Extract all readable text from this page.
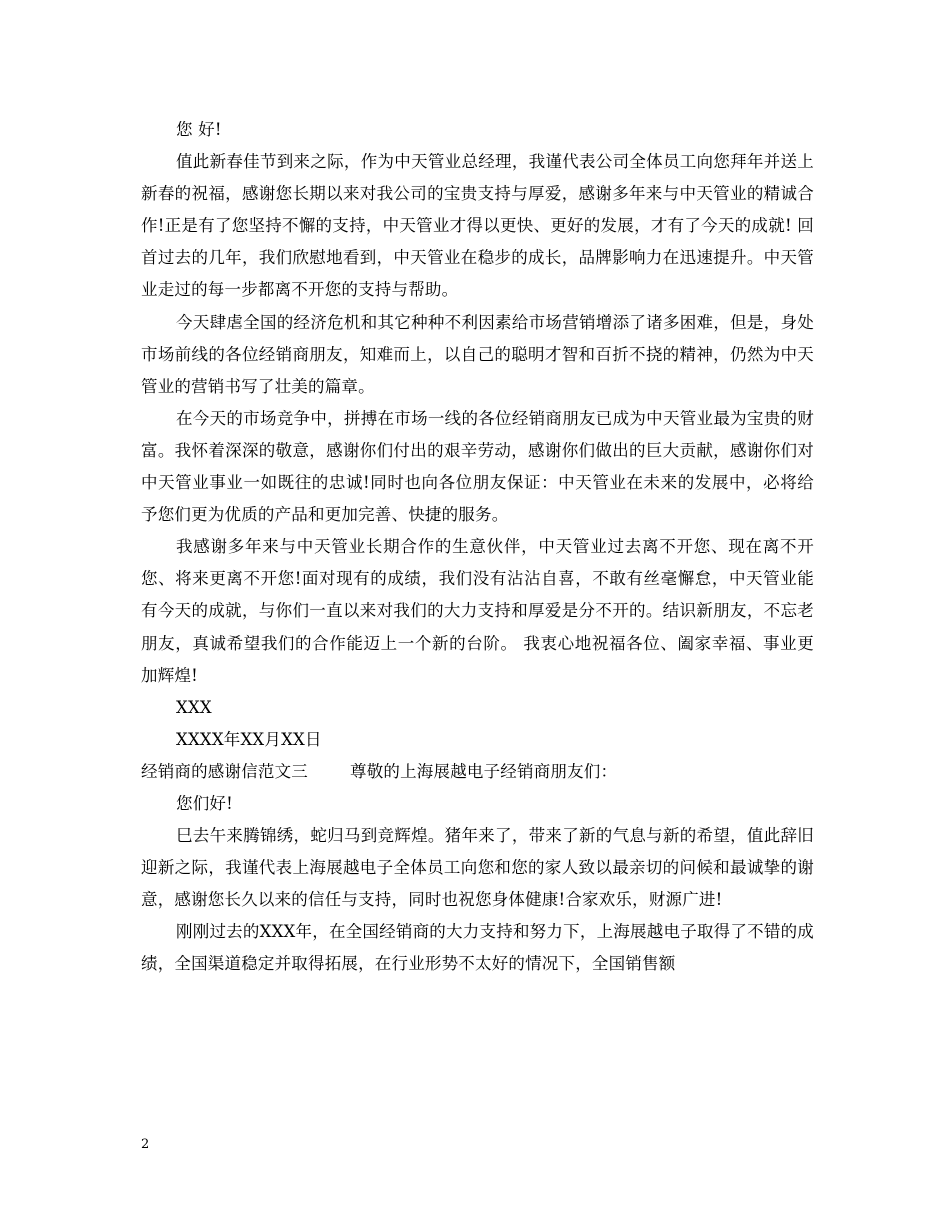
您 好!

值此新春佳节到来之际，作为中天管业总经理，我谨代表公司全体员工向您拜年并送上新春的祝福，感谢您长期以来对我公司的宝贵支持与厚爱，感谢多年来与中天管业的精诚合作!正是有了您坚持不懈的支持，中天管业才得以更快、更好的发展，才有了今天的成就! 回首过去的几年，我们欣慰地看到，中天管业在稳步的成长，品牌影响力在迅速提升。中天管业走过的每一步都离不开您的支持与帮助。

今天肆虐全国的经济危机和其它种种不利因素给市场营销增添了诸多困难，但是，身处市场前线的各位经销商朋友，知难而上，以自己的聪明才智和百折不挠的精神，仍然为中天管业的营销书写了壮美的篇章。

在今天的市场竞争中，拼搏在市场一线的各位经销商朋友已成为中天管业最为宝贵的财富。我怀着深深的敬意，感谢你们付出的艰辛劳动，感谢你们做出的巨大贡献，感谢你们对中天管业事业一如既往的忠诚!同时也向各位朋友保证：中天管业在未来的发展中，必将给予您们更为优质的产品和更加完善、快捷的服务。

我感谢多年来与中天管业长期合作的生意伙伴，中天管业过去离不开您、现在离不开您、将来更离不开您!面对现有的成绩，我们没有沾沾自喜，不敢有丝毫懈怠，中天管业能有今天的成就，与你们一直以来对我们的大力支持和厚爱是分不开的。结识新朋友，不忘老朋友，真诚希望我们的合作能迈上一个新的台阶。 我衷心地祝福各位、阖家幸福、事业更加辉煌!

XXX

XXXX年XX月XX日

经销商的感谢信范文三	尊敬的上海展越电子经销商朋友们：

您们好!

巳去午来腾锦绣，蛇归马到竞辉煌。猪年来了，带来了新的气息与新的希望，值此辞旧迎新之际，我谨代表上海展越电子全体员工向您和您的家人致以最亲切的问候和最诚挚的谢意，感谢您长久以来的信任与支持，同时也祝您身体健康!合家欢乐，财源广进!

刚刚过去的XXX年，在全国经销商的大力支持和努力下，上海展越电子取得了不错的成绩，全国渠道稳定并取得拓展，在行业形势不太好的情况下，全国销售额

2
